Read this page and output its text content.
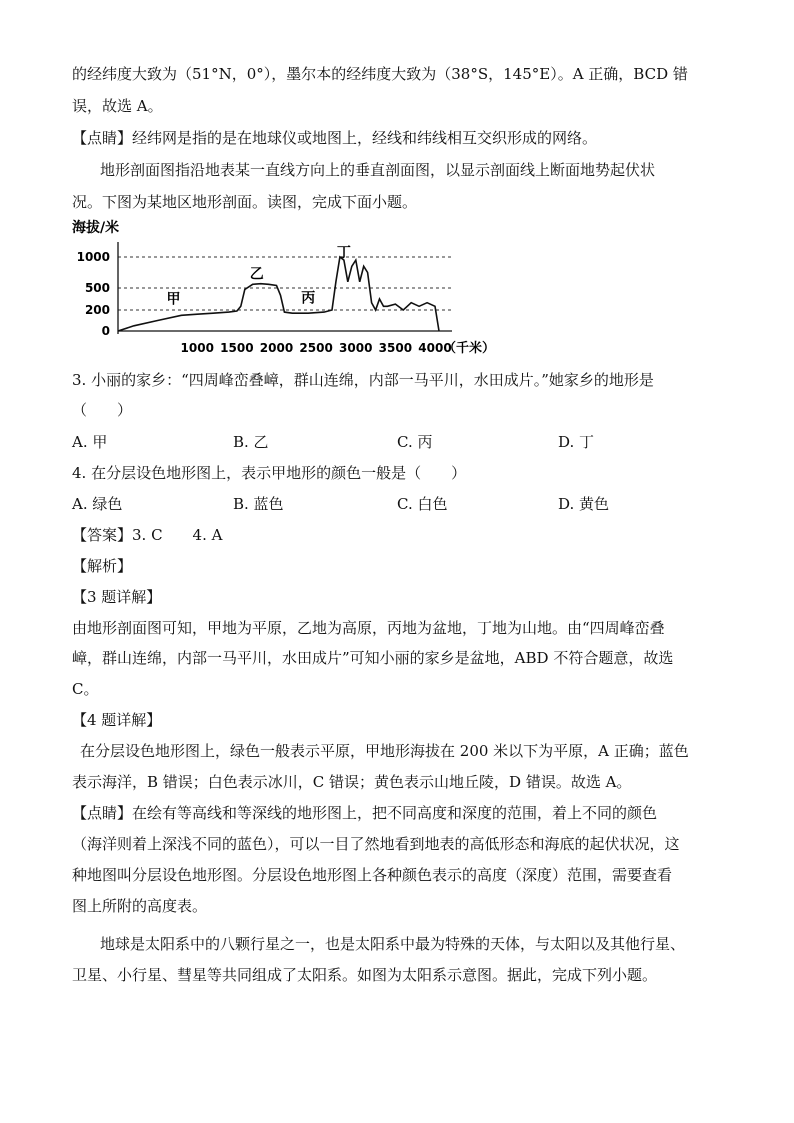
的经纬度大致为（51°N，0°），墨尔本的经纬度大致为（38°S，145°E）。A 正确，BCD 错
误，故选 A。
【点睛】经纬网是指的是在地球仪或地图上，经线和纬线相互交织形成的网络。
地形剖面图指沿地表某一直线方向上的垂直剖面图，以显示剖面线上断面地势起伏状
况。下图为某地区地形剖面。读图，完成下面小题。
海拔/米
1000
500
200
0
1000 1500 2000 2500 3000 3500 4000
甲
乙
丙
丁
（千米）
3. 小丽的家乡：“四周峰峦叠嶂，群山连绵，内部一马平川，水田成片。”她家乡的地形是
（　　）
A. 甲	B. 乙	C. 丙	D. 丁
4. 在分层设色地形图上，表示甲地形的颜色一般是（　　）
A. 绿色	B. 蓝色	C. 白色	D. 黄色
【答案】3. C　　4. A
【解析】
【3 题详解】
由地形剖面图可知，甲地为平原，乙地为高原，丙地为盆地，丁地为山地。由“四周峰峦叠
嶂，群山连绵，内部一马平川，水田成片”可知小丽的家乡是盆地，ABD 不符合题意，故选
C。
【4 题详解】
在分层设色地形图上，绿色一般表示平原，甲地形海拔在 200 米以下为平原，A 正确；蓝色
表示海洋，B 错误；白色表示冰川，C 错误；黄色表示山地丘陵，D 错误。故选 A。
【点睛】在绘有等高线和等深线的地形图上，把不同高度和深度的范围，着上不同的颜色
（海洋则着上深浅不同的蓝色），可以一目了然地看到地表的高低形态和海底的起伏状况，这
种地图叫分层设色地形图。分层设色地形图上各种颜色表示的高度（深度）范围，需要查看
图上所附的高度表。
地球是太阳系中的八颗行星之一，也是太阳系中最为特殊的天体，与太阳以及其他行星、
卫星、小行星、彗星等共同组成了太阳系。如图为太阳系示意图。据此，完成下列小题。
